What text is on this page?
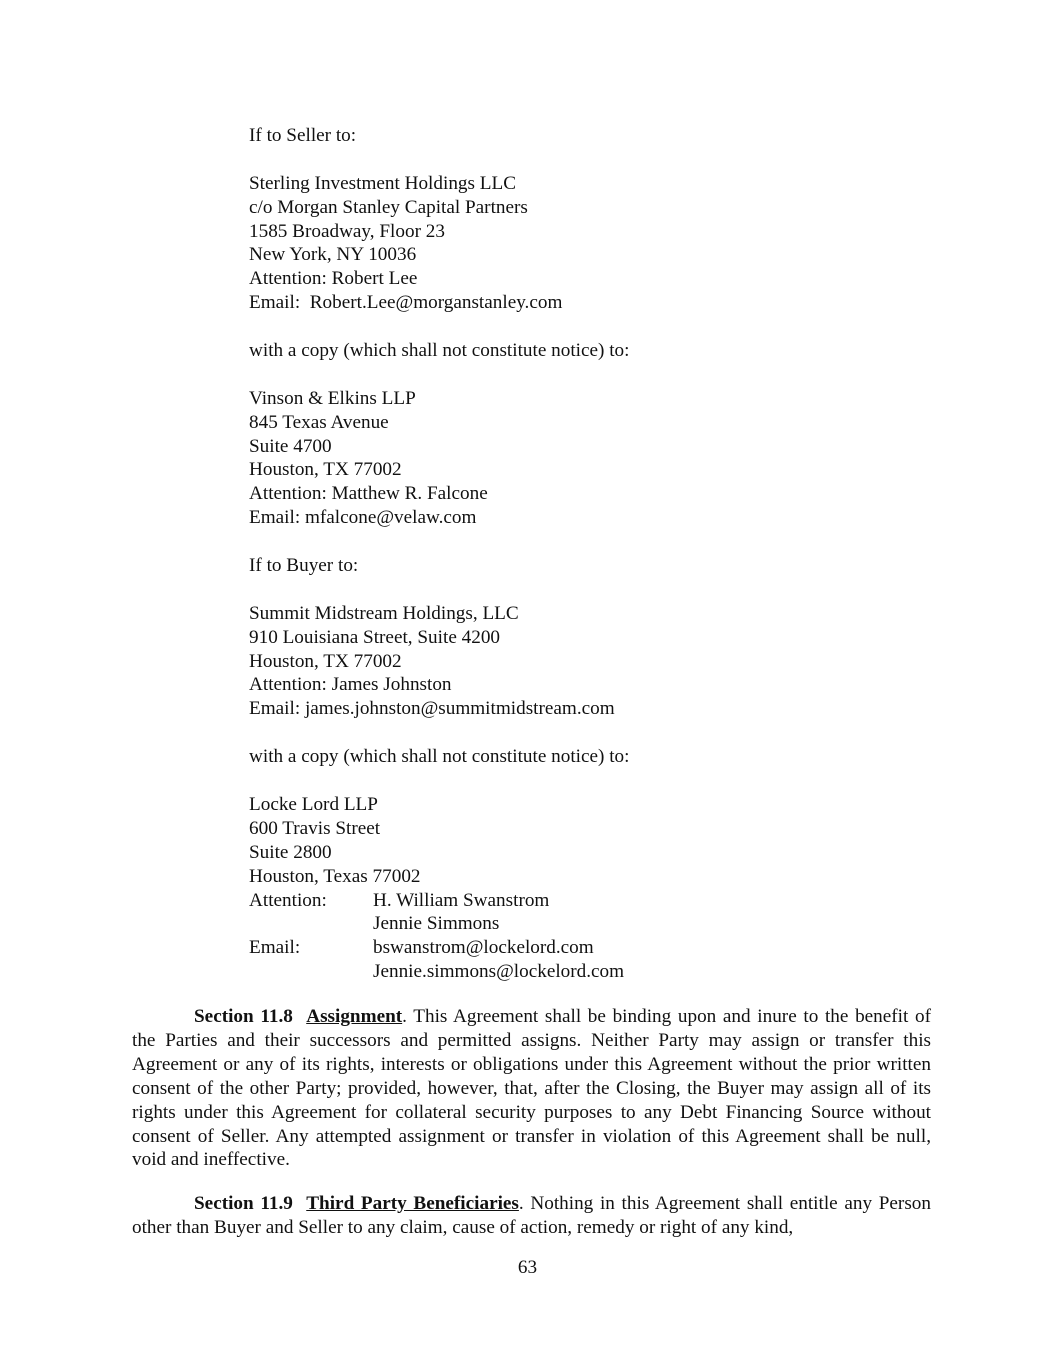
If to Seller to:
Sterling Investment Holdings LLC
c/o Morgan Stanley Capital Partners
1585 Broadway, Floor 23
New York, NY 10036
Attention: Robert Lee
Email:  Robert.Lee@morganstanley.com
with a copy (which shall not constitute notice) to:
Vinson & Elkins LLP
845 Texas Avenue
Suite 4700
Houston, TX 77002
Attention: Matthew R. Falcone
Email: mfalcone@velaw.com
If to Buyer to:
Summit Midstream Holdings, LLC
910 Louisiana Street, Suite 4200
Houston, TX 77002
Attention: James Johnston
Email: james.johnston@summitmidstream.com
with a copy (which shall not constitute notice) to:
Locke Lord LLP
600 Travis Street
Suite 2800
Houston, Texas 77002
Attention: H. William Swanstrom
Jennie Simmons
Email:	bswanstrom@lockelord.com
Jennie.simmons@lockelord.com

Section 11.8 Assignment. This Agreement shall be binding upon and inure to the benefit of the Parties and their successors and permitted assigns. Neither Party may assign or transfer this Agreement or any of its rights, interests or obligations under this Agreement without the prior written consent of the other Party; provided, however, that, after the Closing, the Buyer may assign all of its rights under this Agreement for collateral security purposes to any Debt Financing Source without consent of Seller. Any attempted assignment or transfer in violation of this Agreement shall be null, void and ineffective.

Section 11.9 Third Party Beneficiaries. Nothing in this Agreement shall entitle any Person other than Buyer and Seller to any claim, cause of action, remedy or right of any kind,

63
